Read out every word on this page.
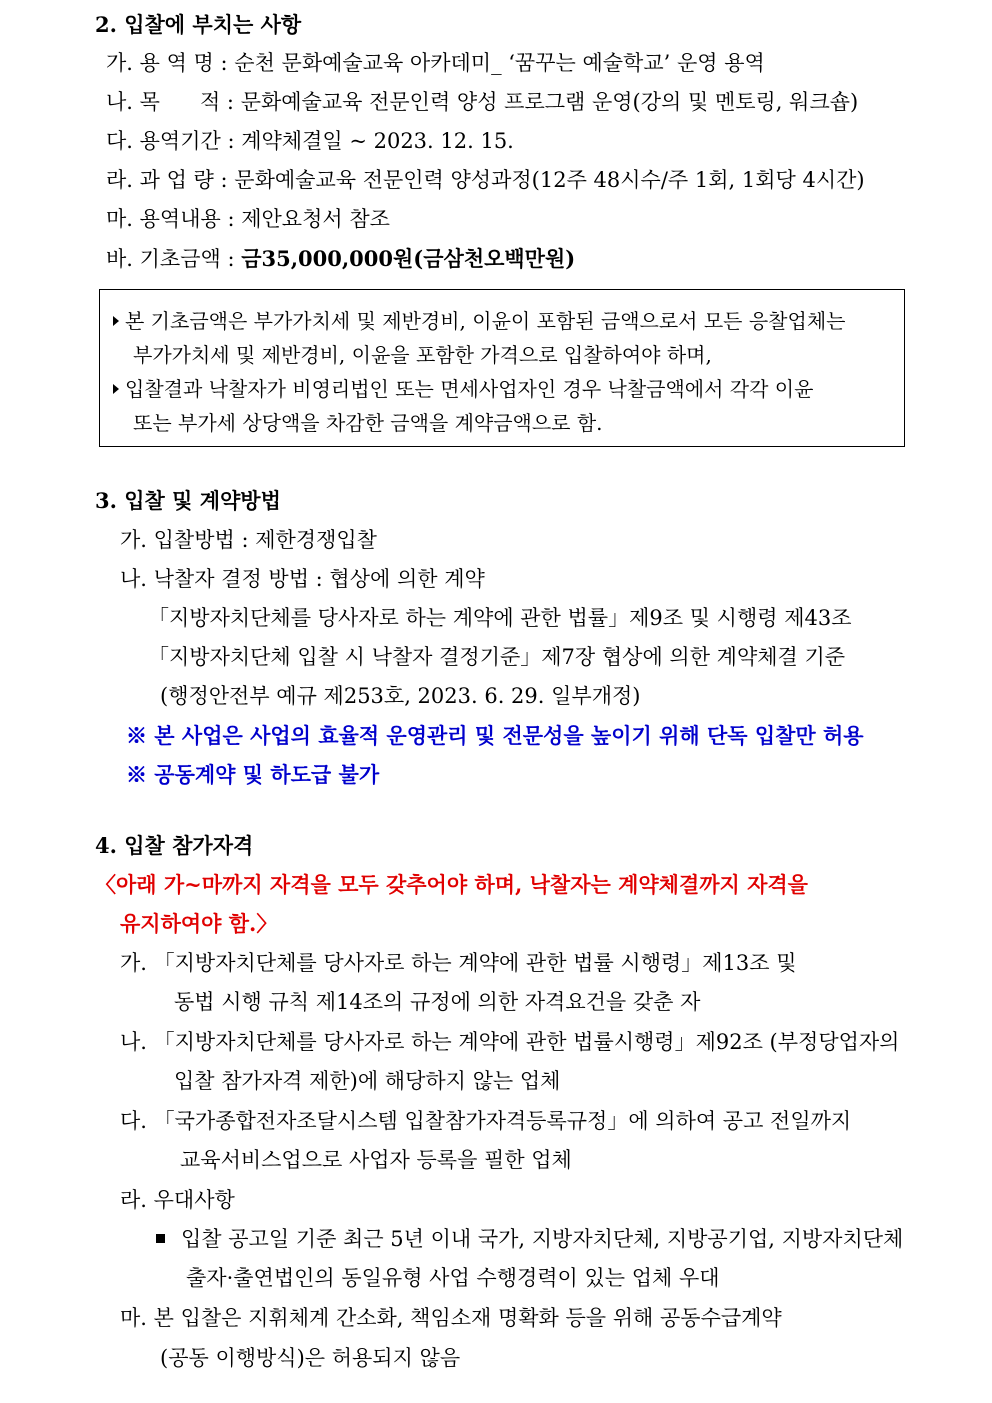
2. 입찰에 부치는 사항
가. 용 역 명 : 순천 문화예술교육 아카데미_ ‘꿈꾸는 예술학교’ 운영 용역
나. 목      적 : 문화예술교육 전문인력 양성 프로그램 운영(강의 및 멘토링, 워크숍)
다. 용역기간 : 계약체결일 ~ 2023. 12. 15.
라. 과 업 량 : 문화예술교육 전문인력 양성과정(12주 48시수/주 1회, 1회당 4시간)
마. 용역내용 : 제안요청서 참조
바. 기초금액 : 금35,000,000원(금삼천오백만원)
본 기초금액은 부가가치세 및 제반경비, 이윤이 포함된 금액으로서 모든 응찰업체는
부가가치세 및 제반경비, 이윤을 포함한 가격으로 입찰하여야 하며,
입찰결과 낙찰자가 비영리법인 또는 면세사업자인 경우 낙찰금액에서 각각 이윤
또는 부가세 상당액을 차감한 금액을 계약금액으로 함.
3. 입찰 및 계약방법
가. 입찰방법 : 제한경쟁입찰
나. 낙찰자 결정 방법 : 협상에 의한 계약
「지방자치단체를 당사자로 하는 계약에 관한 법률」제9조 및 시행령 제43조
「지방자치단체 입찰 시 낙찰자 결정기준」제7장 협상에 의한 계약체결 기준
(행정안전부 예규 제253호, 2023. 6. 29. 일부개정)
※ 본 사업은 사업의 효율적 운영관리 및 전문성을 높이기 위해 단독 입찰만 허용
※ 공동계약 및 하도급 불가
4. 입찰 참가자격
〈아래 가~마까지 자격을 모두 갖추어야 하며, 낙찰자는 계약체결까지 자격을
유지하여야 함.〉
가. 「지방자치단체를 당사자로 하는 계약에 관한 법률 시행령」제13조 및
동법 시행 규칙 제14조의 규정에 의한 자격요건을 갖춘 자
나. 「지방자치단체를 당사자로 하는 계약에 관한 법률시행령」제92조 (부정당업자의
입찰 참가자격 제한)에 해당하지 않는 업체
다. 「국가종합전자조달시스템 입찰참가자격등록규정」에 의하여 공고 전일까지
교육서비스업으로 사업자 등록을 필한 업체
라. 우대사항
입찰 공고일 기준 최근 5년 이내 국가, 지방자치단체, 지방공기업, 지방자치단체
출자·출연법인의 동일유형 사업 수행경력이 있는 업체 우대
마. 본 입찰은 지휘체계 간소화, 책임소재 명확화 등을 위해 공동수급계약
(공동 이행방식)은 허용되지 않음
